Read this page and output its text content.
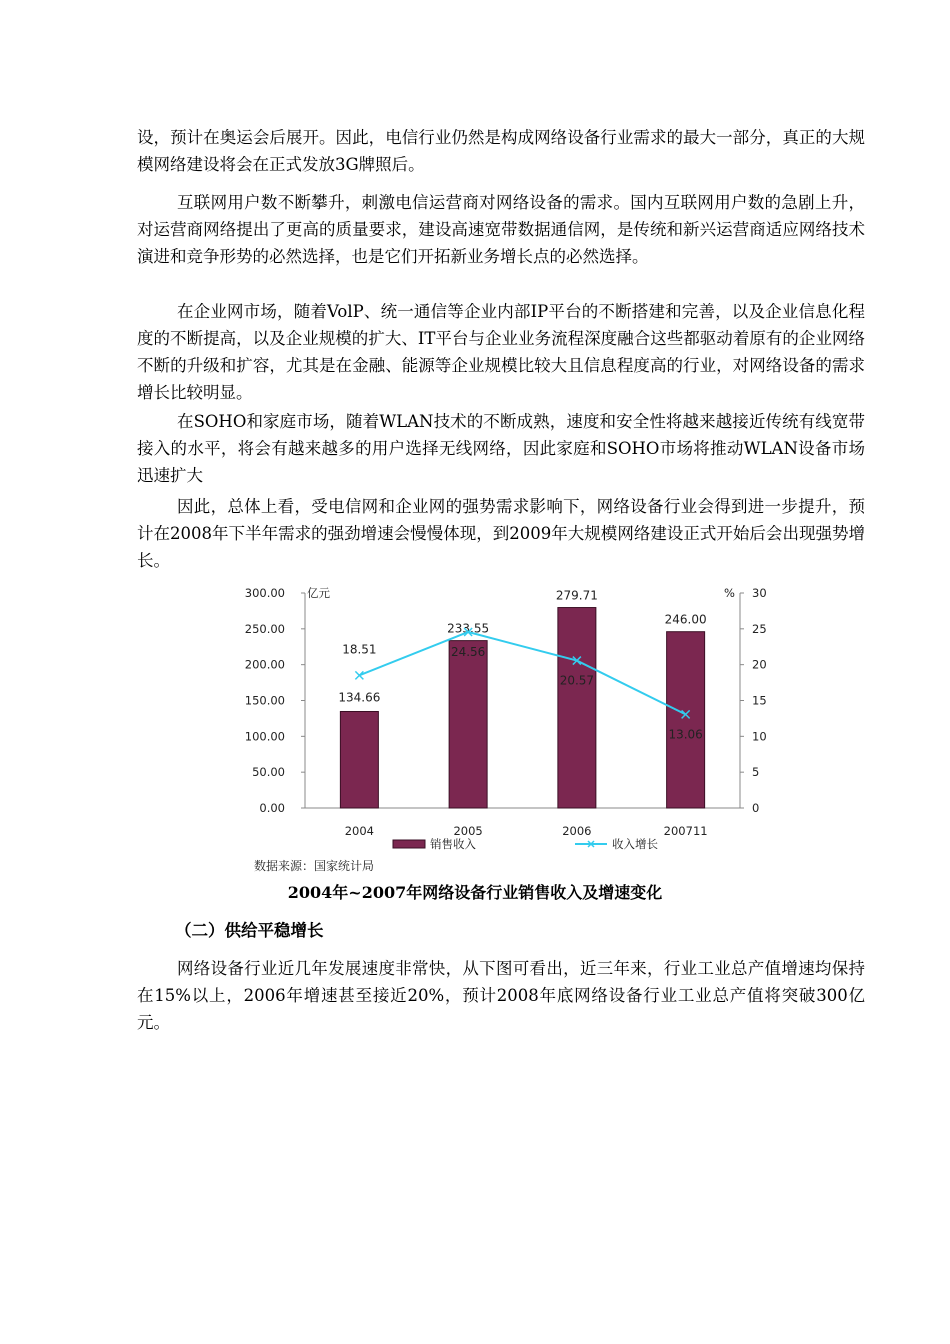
设，预计在奥运会后展开。因此，电信行业仍然是构成网络设备行业需求的最大一部分，真正的大规模网络建设将会在正式发放3G牌照后。

互联网用户数不断攀升，刺激电信运营商对网络设备的需求。国内互联网用户数的急剧上升，对运营商网络提出了更高的质量要求，建设高速宽带数据通信网，是传统和新兴运营商适应网络技术演进和竞争形势的必然选择，也是它们开拓新业务增长点的必然选择。

在企业网市场，随着VolP、统一通信等企业内部IP平台的不断搭建和完善，以及企业信息化程度的不断提高，以及企业规模的扩大、IT平台与企业业务流程深度融合这些都驱动着原有的企业网络不断的升级和扩容，尤其是在金融、能源等企业规模比较大且信息程度高的行业，对网络设备的需求增长比较明显。

在SOHO和家庭市场，随着WLAN技术的不断成熟，速度和安全性将越来越接近传统有线宽带接入的水平，将会有越来越多的用户选择无线网络，因此家庭和SOHO市场将推动WLAN设备市场迅速扩大

因此，总体上看，受电信网和企业网的强势需求影响下，网络设备行业会得到进一步提升，预计在2008年下半年需求的强劲增速会慢慢体现，到2009年大规模网络建设正式开始后会出现强势增长。

0.00
50.00
100.00
150.00
200.00
250.00
300.00
0
5
10
15
20
25
30
亿元	%
134.66
233.55
279.71
246.00
2004	2005	2006	200711
18.51	24.56
20.57
13.06
销售收入	收入增长
数据来源：国家统计局
2004年~2007年网络设备行业销售收入及增速变化
（二）供给平稳增长

网络设备行业近几年发展速度非常快，从下图可看出，近三年来，行业工业总产值增速均保持在15%以上，2006年增速甚至接近20%，预计2008年底网络设备行业工业总产值将突破300亿元。
